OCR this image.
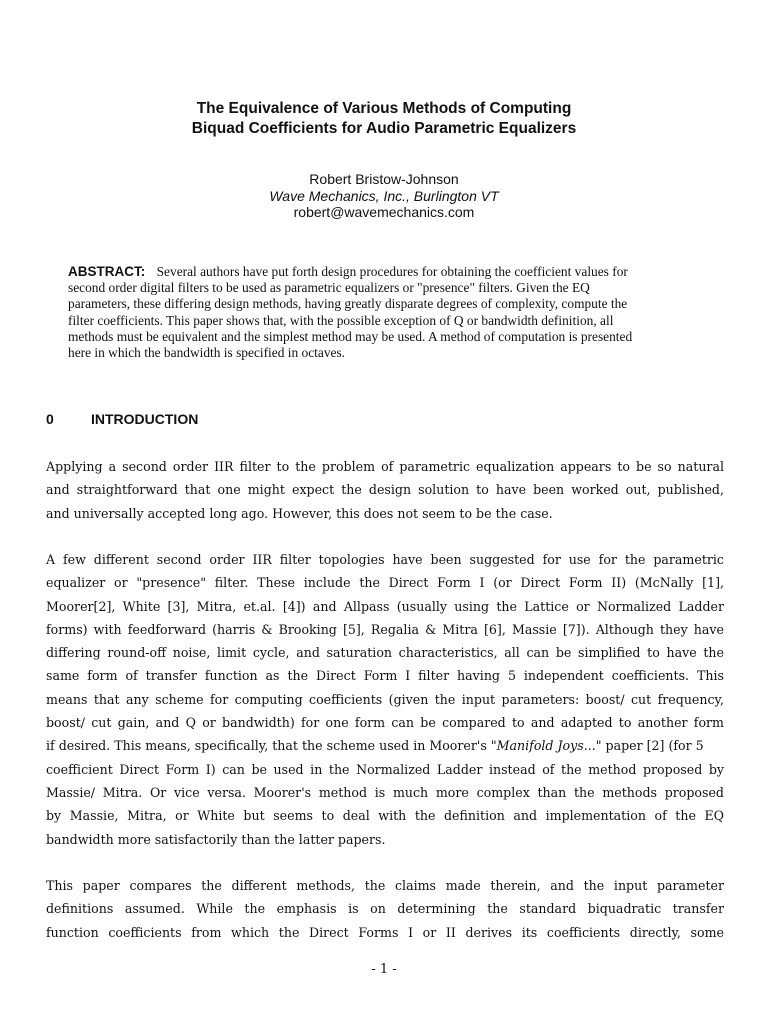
The Equivalence of Various Methods of Computing
Biquad Coefficients for Audio Parametric Equalizers
Robert Bristow-Johnson
Wave Mechanics, Inc., Burlington VT
robert@wavemechanics.com
ABSTRACT: Several authors have put forth design procedures for obtaining the coefficient values for
second order digital filters to be used as parametric equalizers or "presence" filters. Given the EQ
parameters, these differing design methods, having greatly disparate degrees of complexity, compute the
filter coefficients. This paper shows that, with the possible exception of Q or bandwidth definition, all
methods must be equivalent and the simplest method may be used. A method of computation is presented
here in which the bandwidth is specified in octaves.
0	INTRODUCTION
Applying a second order IIR filter to the problem of parametric equalization appears to be so natural
and straightforward that one might expect the design solution to have been worked out, published,
and universally accepted long ago. However, this does not seem to be the case.
A few different second order IIR filter topologies have been suggested for use for the parametric
equalizer or "presence" filter. These include the Direct Form I (or Direct Form II) (McNally [1],
Moorer[2], White [3], Mitra, et.al. [4]) and Allpass (usually using the Lattice or Normalized Ladder
forms) with feedforward (harris & Brooking [5], Regalia & Mitra [6], Massie [7]). Although they have
differing round-off noise, limit cycle, and saturation characteristics, all can be simplified to have the
same form of transfer function as the Direct Form I filter having 5 independent coefficients. This
means that any scheme for computing coefficients (given the input parameters: boost/ cut frequency,
boost/ cut gain, and Q or bandwidth) for one form can be compared to and adapted to another form
if desired. This means, specifically, that the scheme used in Moorer's "Manifold Joys..." paper [2] (for 5
coefficient Direct Form I) can be used in the Normalized Ladder instead of the method proposed by
Massie/ Mitra. Or vice versa. Moorer's method is much more complex than the methods proposed
by Massie, Mitra, or White but seems to deal with the definition and implementation of the EQ
bandwidth more satisfactorily than the latter papers.
This paper compares the different methods, the claims made therein, and the input parameter
definitions assumed. While the emphasis is on determining the standard biquadratic transfer
function coefficients from which the Direct Forms I or II derives its coefficients directly, some
- 1 -
